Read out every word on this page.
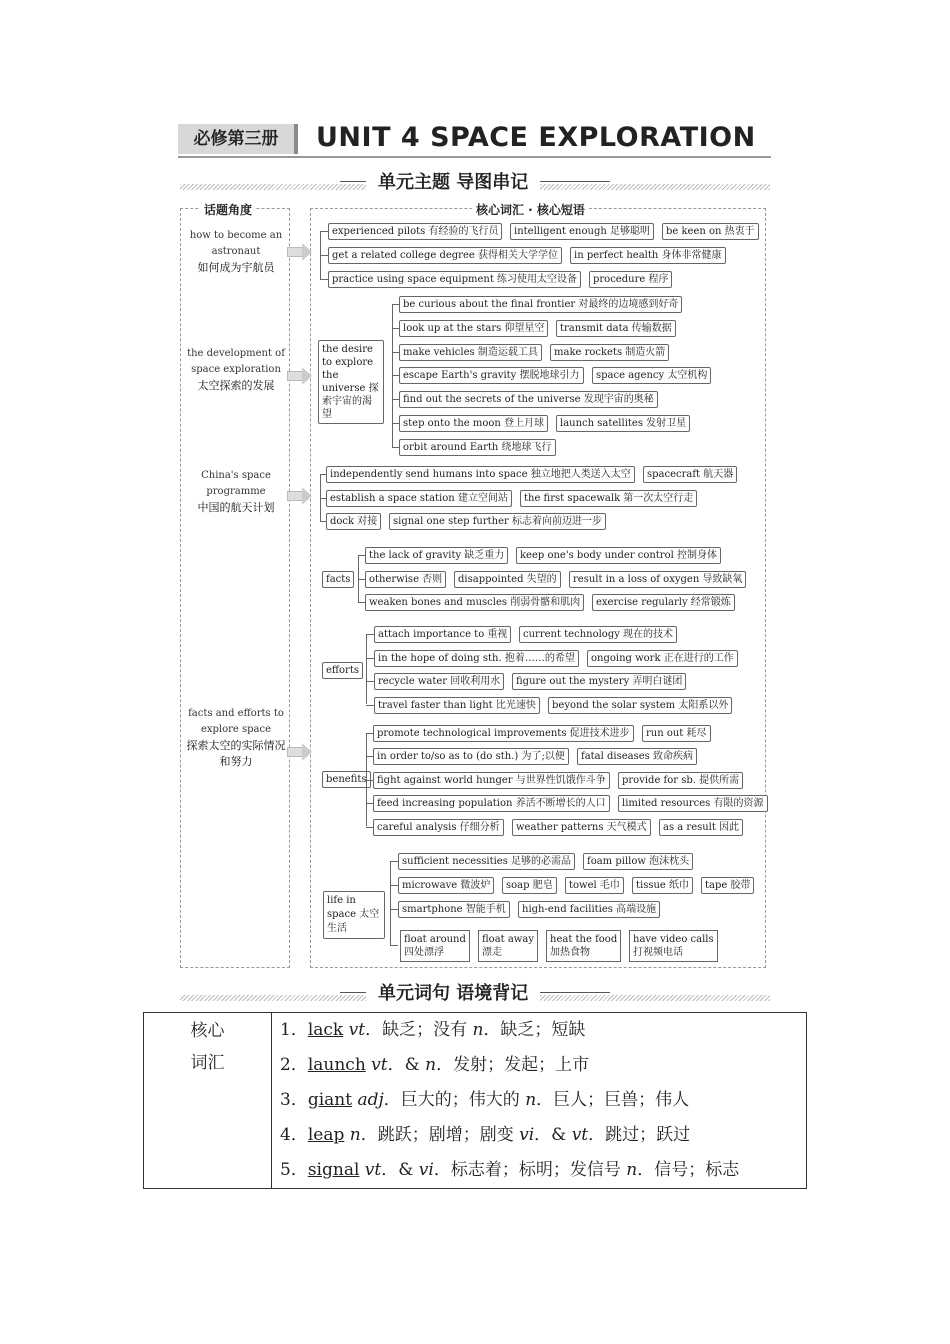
必修第三册	UNIT 4 SPACE EXPLORATION
单元主题 导图串记
话题角度	核心词汇 · 核心短语
how to become an astronaut
如何成为宇航员
the development of space exploration
太空探索的发展
China's space programme
中国的航天计划
facts and efforts to explore space
探索太空的实际情况和努力
experienced pilots 有经验的飞行员	intelligent enough 足够聪明	be keen on 热衷于
get a related college degree 获得相关大学学位	in perfect health 身体非常健康
practice using space equipment 练习使用太空设备	procedure 程序
the desire to explore the universe 探索宇宙的渴望
be curious about the final frontier 对最终的边境感到好奇
look up at the stars 仰望星空	transmit data 传输数据
make vehicles 制造运载工具	make rockets 制造火箭
escape Earth's gravity 摆脱地球引力	space agency 太空机构
find out the secrets of the universe 发现宇宙的奥秘
step onto the moon 登上月球	launch satellites 发射卫星
orbit around Earth 绕地球飞行
independently send humans into space 独立地把人类送入太空	spacecraft 航天器
establish a space station 建立空间站	the first spacewalk 第一次太空行走
dock 对接	signal one step further 标志着向前迈进一步
facts
the lack of gravity 缺乏重力	keep one's body under control 控制身体
otherwise 否则	disappointed 失望的	result in a loss of oxygen 导致缺氧
weaken bones and muscles 削弱骨骼和肌肉	exercise regularly 经常锻炼
efforts
attach importance to 重视	current technology 现在的技术
in the hope of doing sth. 抱着……的希望	ongoing work 正在进行的工作
recycle water 回收利用水	figure out the mystery 弄明白谜团
travel faster than light 比光速快	beyond the solar system 太阳系以外
benefits
promote technological improvements 促进技术进步	run out 耗尽
in order to/so as to (do sth.) 为了;以便	fatal diseases 致命疾病
fight against world hunger 与世界性饥饿作斗争	provide for sb. 提供所需
feed increasing population 养活不断增长的人口	limited resources 有限的资源
careful analysis 仔细分析	weather patterns 天气模式	as a result 因此
life in space 太空生活
sufficient necessities 足够的必需品	foam pillow 泡沫枕头
microwave 微波炉	soap 肥皂	towel 毛巾	tissue 纸巾	tape 胶带
smartphone 智能手机	high-end facilities 高端设施
float around
四处漂浮
float away
漂走
heat the food
加热食物
have video calls
打视频电话
单元词句 语境背记
核心词汇

1．lack vt．缺乏；没有 n．缺乏；短缺
2．launch vt．& n．发射；发起；上市
3．giant adj．巨大的；伟大的 n．巨人；巨兽；伟人
4．leap n．跳跃；剧增；剧变 vi．& vt．跳过；跃过
5．signal vt．& vi．标志着；标明；发信号 n．信号；标志
